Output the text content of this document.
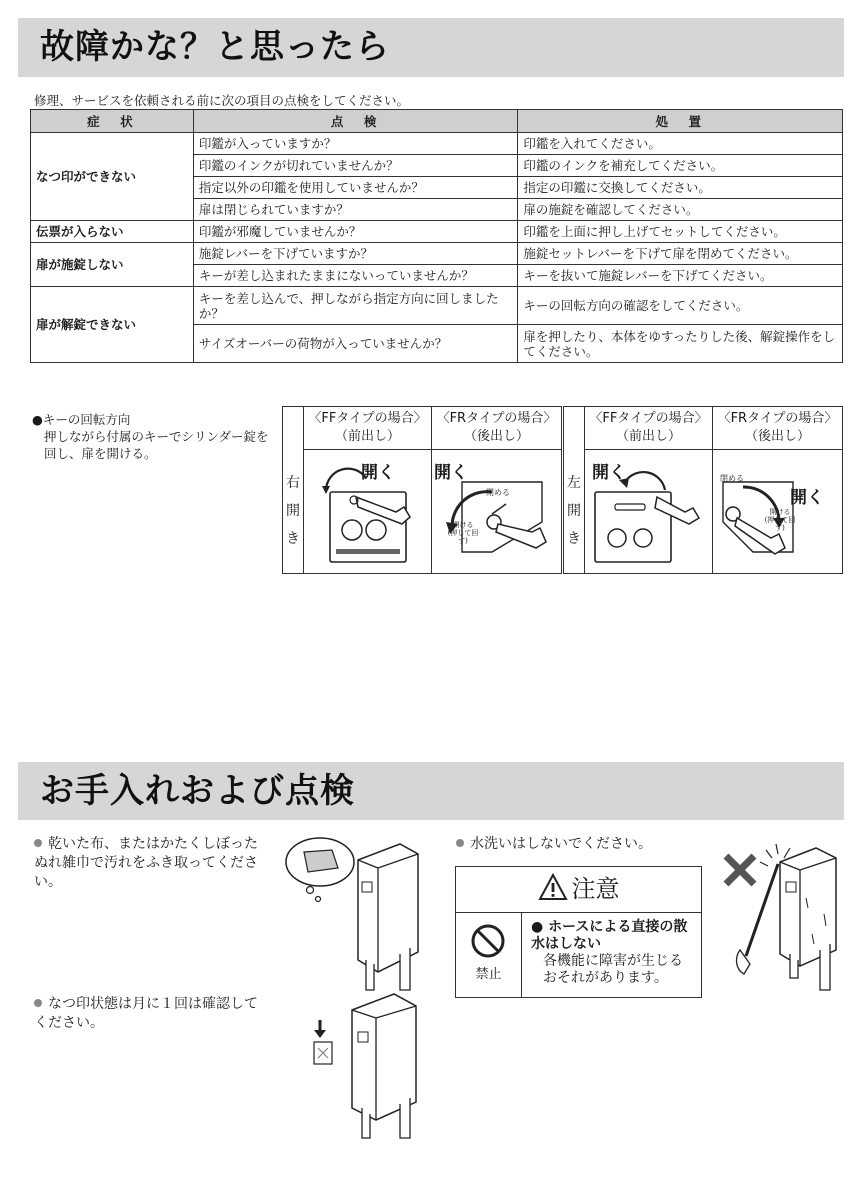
故障かな？と思ったら
修理、サービスを依頼される前に次の項目の点検をしてください。
症　状	点　検	処　置
なつ印ができない	印鑑が入っていますか？	印鑑を入れてください。
	印鑑のインクが切れていませんか？	印鑑のインクを補充してください。
	指定以外の印鑑を使用していませんか？	指定の印鑑に交換してください。
	扉は閉じられていますか？	扉の施錠を確認してください。
伝票が入らない	印鑑が邪魔していませんか？	印鑑を上面に押し上げてセットしてください。
扉が施錠しない	施錠レバーを下げていますか？	施錠セットレバーを下げて扉を閉めてください。
	キーが差し込まれたままにないっていませんか？	キーを抜いて施錠レバーを下げてください。
扉が解錠できない	キーを差し込んで、押しながら指定方向に回しましたか？	キーの回転方向の確認をしてください。
	サイズオーバーの荷物が入っていませんか？	扉を押したり、本体をゆすったりした後、解錠操作をしてください。
●キーの回転方向
押しながら付属のキーでシリンダー錠を回し、扉を開ける。
右
開
き
〈FFタイプの場合〉
（前出し）
〈FRタイプの場合〉
（後出し）
開く 開く
閉める
開ける
(押して回す)
左
開
き
〈FFタイプの場合〉
（前出し）
〈FRタイプの場合〉
（後出し）
開く
開く
閉める
開ける
(押して回す)
お手入れおよび点検
乾いた布、またはかたくしぼったぬれ雑巾で汚れをふき取ってください。
なつ印状態は月に１回は確認してください。
水洗いはしないでください。
注意
禁止
● ホースによる直接の散水はしない
各機能に障害が生じるおそれがあります。
